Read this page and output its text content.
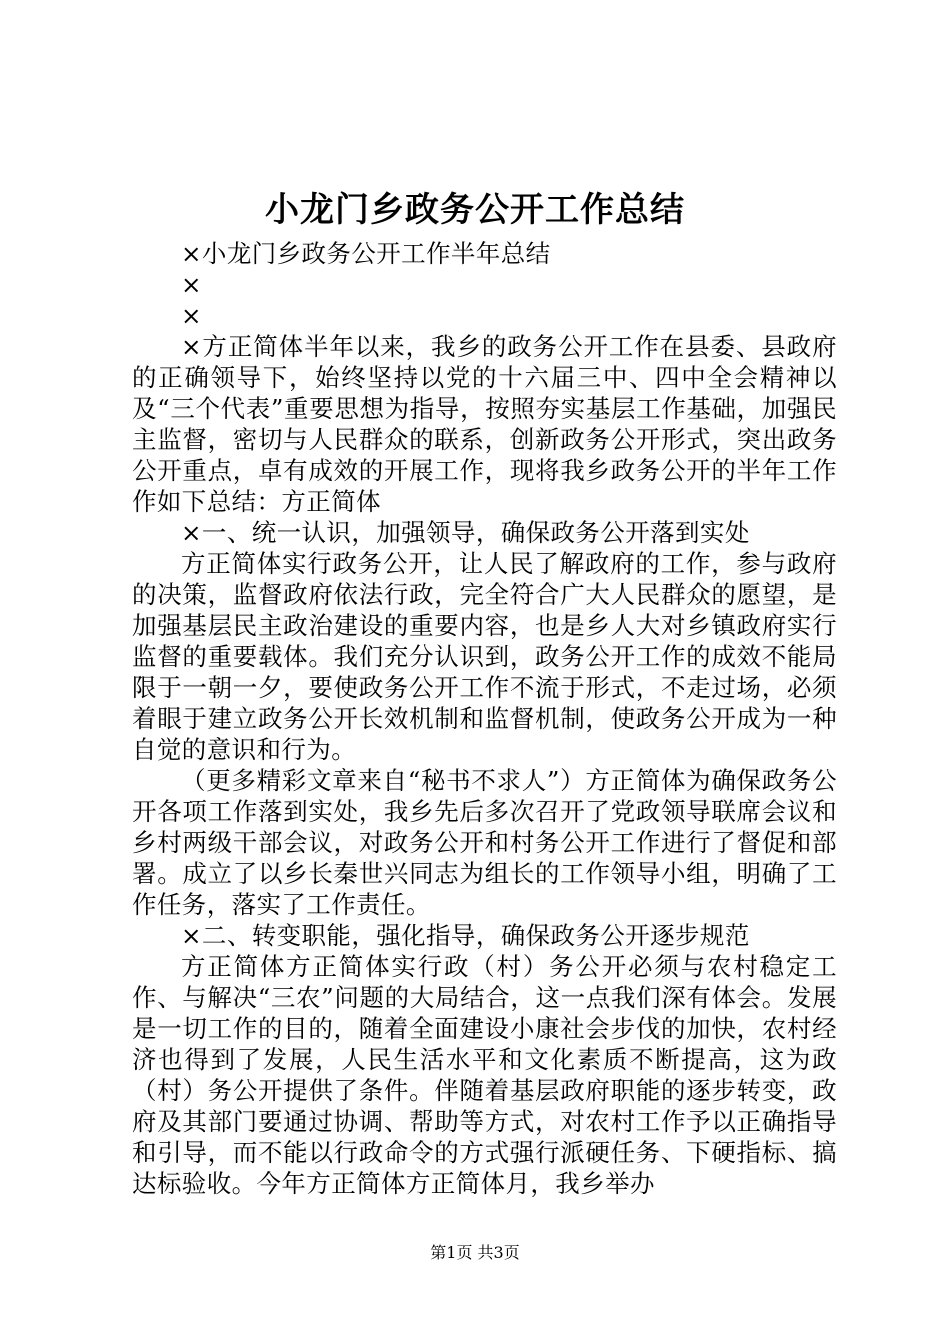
小龙门乡政务公开工作总结

×小龙门乡政务公开工作半年总结

×

×

×方正简体半年以来，我乡的政务公开工作在县委、县政府的正确领导下，始终坚持以党的十六届三中、四中全会精神以及“三个代表”重要思想为指导，按照夯实基层工作基础，加强民主监督，密切与人民群众的联系，创新政务公开形式，突出政务公开重点，卓有成效的开展工作，现将我乡政务公开的半年工作作如下总结：方正简体

×一、统一认识，加强领导，确保政务公开落到实处

方正简体实行政务公开，让人民了解政府的工作，参与政府的决策，监督政府依法行政，完全符合广大人民群众的愿望，是加强基层民主政治建设的重要内容，也是乡人大对乡镇政府实行监督的重要载体。我们充分认识到，政务公开工作的成效不能局限于一朝一夕，要使政务公开工作不流于形式，不走过场，必须着眼于建立政务公开长效机制和监督机制，使政务公开成为一种自觉的意识和行为。

（更多精彩文章来自“秘书不求人”）方正简体为确保政务公开各项工作落到实处，我乡先后多次召开了党政领导联席会议和乡村两级干部会议，对政务公开和村务公开工作进行了督促和部署。成立了以乡长秦世兴同志为组长的工作领导小组，明确了工作任务，落实了工作责任。

×二、转变职能，强化指导，确保政务公开逐步规范

方正简体方正简体实行政（村）务公开必须与农村稳定工作、与解决“三农”问题的大局结合，这一点我们深有体会。发展是一切工作的目的，随着全面建设小康社会步伐的加快，农村经济也得到了发展，人民生活水平和文化素质不断提高，这为政（村）务公开提供了条件。伴随着基层政府职能的逐步转变，政府及其部门要通过协调、帮助等方式，对农村工作予以正确指导和引导，而不能以行政命令的方式强行派硬任务、下硬指标、搞达标验收。今年方正简体方正简体月，我乡举办

第1页 共3页
